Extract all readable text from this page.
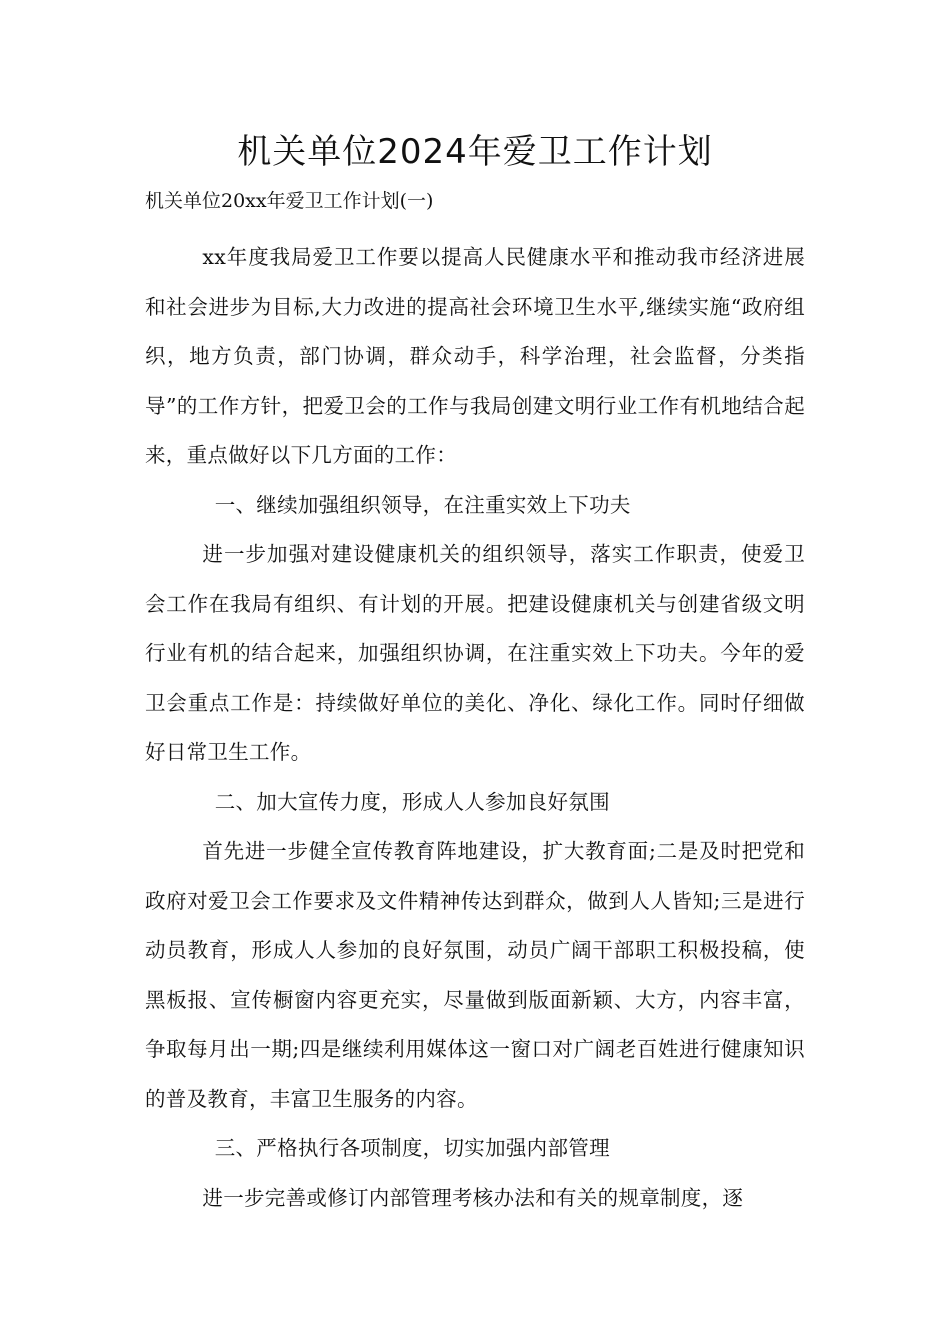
机关单位2024年爱卫工作计划

机关单位20xx年爱卫工作计划(一)

xx年度我局爱卫工作要以提高人民健康水平和推动我市经济进展和社会进步为目标,大力改进的提高社会环境卫生水平,继续实施“政府组织，地方负责，部门协调，群众动手，科学治理，社会监督，分类指导”的工作方针，把爱卫会的工作与我局创建文明行业工作有机地结合起来，重点做好以下几方面的工作：

一、继续加强组织领导，在注重实效上下功夫

进一步加强对建设健康机关的组织领导，落实工作职责，使爱卫会工作在我局有组织、有计划的开展。把建设健康机关与创建省级文明行业有机的结合起来，加强组织协调，在注重实效上下功夫。今年的爱卫会重点工作是：持续做好单位的美化、净化、绿化工作。同时仔细做好日常卫生工作。

二、加大宣传力度，形成人人参加良好氛围

首先进一步健全宣传教育阵地建设，扩大教育面;二是及时把党和政府对爱卫会工作要求及文件精神传达到群众，做到人人皆知;三是进行动员教育，形成人人参加的良好氛围，动员广阔干部职工积极投稿，使黑板报、宣传橱窗内容更充实，尽量做到版面新颖、大方，内容丰富，争取每月出一期;四是继续利用媒体这一窗口对广阔老百姓进行健康知识的普及教育，丰富卫生服务的内容。

三、严格执行各项制度，切实加强内部管理

进一步完善或修订内部管理考核办法和有关的规章制度，逐
